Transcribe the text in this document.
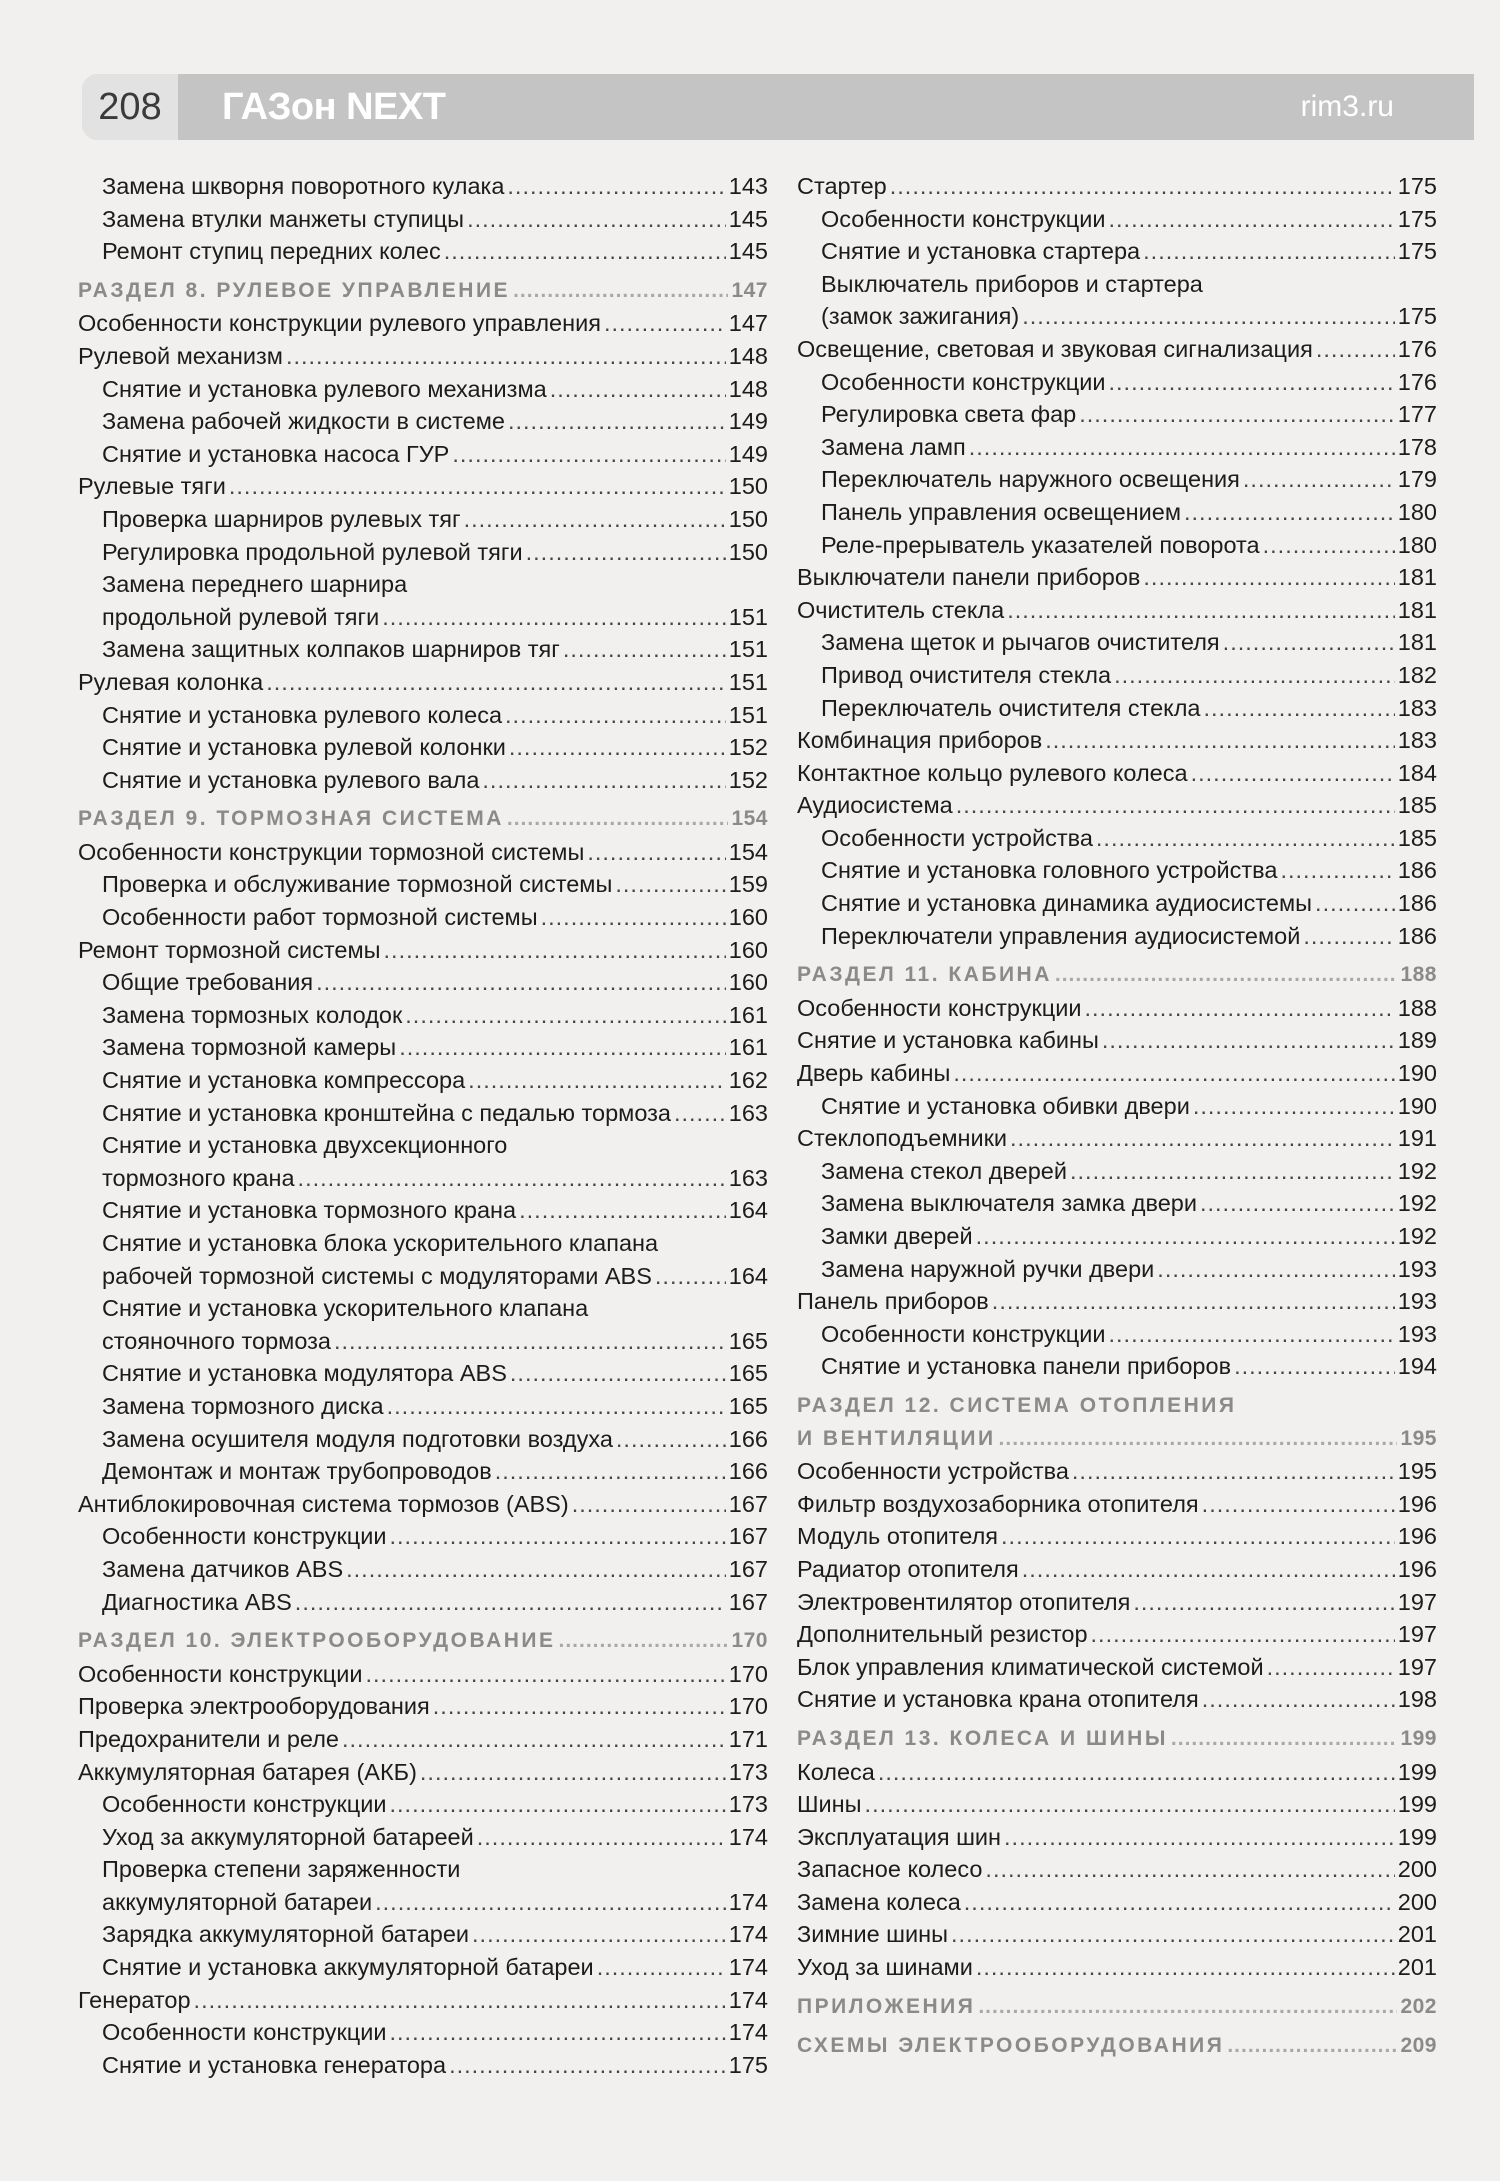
208	ГАЗон NEXT	rim3.ru
Замена шкворня поворотного кулака .....	143
Замена втулки манжеты ступицы .....	145
Ремонт ступиц передних колес .....	145
РАЗДЕЛ 8. РУЛЕВОЕ УПРАВЛЕНИЕ .....	147
Особенности конструкции рулевого управления .....	147
Рулевой механизм .....	148
Снятие и установка рулевого механизма .....	148
Замена рабочей жидкости в системе .....	149
Снятие и установка насоса ГУР .....	149
Рулевые тяги .....	150
Проверка шарниров рулевых тяг .....	150
Регулировка продольной рулевой тяги .....	150
Замена переднего шарнира
продольной рулевой тяги .....	151
Замена защитных колпаков шарниров тяг .....	151
Рулевая колонка .....	151
Снятие и установка рулевого колеса .....	151
Снятие и установка рулевой колонки .....	152
Снятие и установка рулевого вала .....	152
РАЗДЕЛ 9. ТОРМОЗНАЯ СИСТЕМА .....	154
Особенности конструкции тормозной системы .....	154
Проверка и обслуживание тормозной системы .....	159
Особенности работ тормозной системы .....	160
Ремонт тормозной системы .....	160
Общие требования .....	160
Замена тормозных колодок .....	161
Замена тормозной камеры .....	161
Снятие и установка компрессора .....	162
Снятие и установка кронштейна с педалью тормоза ..... 163
Снятие и установка двухсекционного
тормозного крана .....	163
Снятие и установка тормозного крана .....	164
Снятие и установка блока ускорительного клапана
рабочей тормозной системы с модуляторами ABS .....	164
Снятие и установка ускорительного клапана
стояночного тормоза .....	165
Снятие и установка модулятора ABS .....	165
Замена тормозного диска .....	165
Замена осушителя модуля подготовки воздуха .....	166
Демонтаж и монтаж трубопроводов .....	166
Антиблокировочная система тормозов (ABS) .....	167
Особенности конструкции .....	167
Замена датчиков ABS .....	167
Диагностика ABS .....	167
РАЗДЕЛ 10. ЭЛЕКТРООБОРУДОВАНИЕ .....	170
Особенности конструкции .....	170
Проверка электрооборудования .....	170
Предохранители и реле .....	171
Аккумуляторная батарея (АКБ) .....	173
Особенности конструкции .....	173
Уход за аккумуляторной батареей .....	174
Проверка степени заряженности
аккумуляторной батареи .....	174
Зарядка аккумуляторной батареи .....	174
Снятие и установка аккумуляторной батареи .....	174
Генератор .....	174
Особенности конструкции .....	174
Снятие и установка генератора .....	175
Стартер .....	175
Особенности конструкции .....	175
Снятие и установка стартера .....	175
Выключатель приборов и стартера
(замок зажигания) .....	175
Освещение, световая и звуковая сигнализация .....	176
Особенности конструкции .....	176
Регулировка света фар .....	177
Замена ламп .....	178
Переключатель наружного освещения .....	179
Панель управления освещением .....	180
Реле-прерыватель указателей поворота .....	180
Выключатели панели приборов .....	181
Очиститель стекла .....	181
Замена щеток и рычагов очистителя .....	181
Привод очистителя стекла .....	182
Переключатель очистителя стекла .....	183
Комбинация приборов .....	183
Контактное кольцо рулевого колеса .....	184
Аудиосистема .....	185
Особенности устройства .....	185
Снятие и установка головного устройства .....	186
Снятие и установка динамика аудиосистемы .....	186
Переключатели управления аудиосистемой .....	186
РАЗДЕЛ 11. КАБИНА .....	188
Особенности конструкции .....	188
Снятие и установка кабины .....	189
Дверь кабины .....	190
Снятие и установка обивки двери .....	190
Стеклоподъемники .....	191
Замена стекол дверей .....	192
Замена выключателя замка двери .....	192
Замки дверей .....	192
Замена наружной ручки двери .....	193
Панель приборов .....	193
Особенности конструкции .....	193
Снятие и установка панели приборов .....	194
РАЗДЕЛ 12. СИСТЕМА ОТОПЛЕНИЯ
И ВЕНТИЛЯЦИИ .....	195
Особенности устройства .....	195
Фильтр воздухозаборника отопителя .....	196
Модуль отопителя .....	196
Радиатор отопителя .....	196
Электровентилятор отопителя .....	197
Дополнительный резистор .....	197
Блок управления климатической системой .....	197
Снятие и установка крана отопителя .....	198
РАЗДЕЛ 13. КОЛЕСА И ШИНЫ .....	199
Колеса .....	199
Шины .....	199
Эксплуатация шин .....	199
Запасное колесо .....	200
Замена колеса .....	200
Зимние шины .....	201
Уход за шинами .....	201
ПРИЛОЖЕНИЯ .....	202
СХЕМЫ ЭЛЕКТРООБОРУДОВАНИЯ .....	209
